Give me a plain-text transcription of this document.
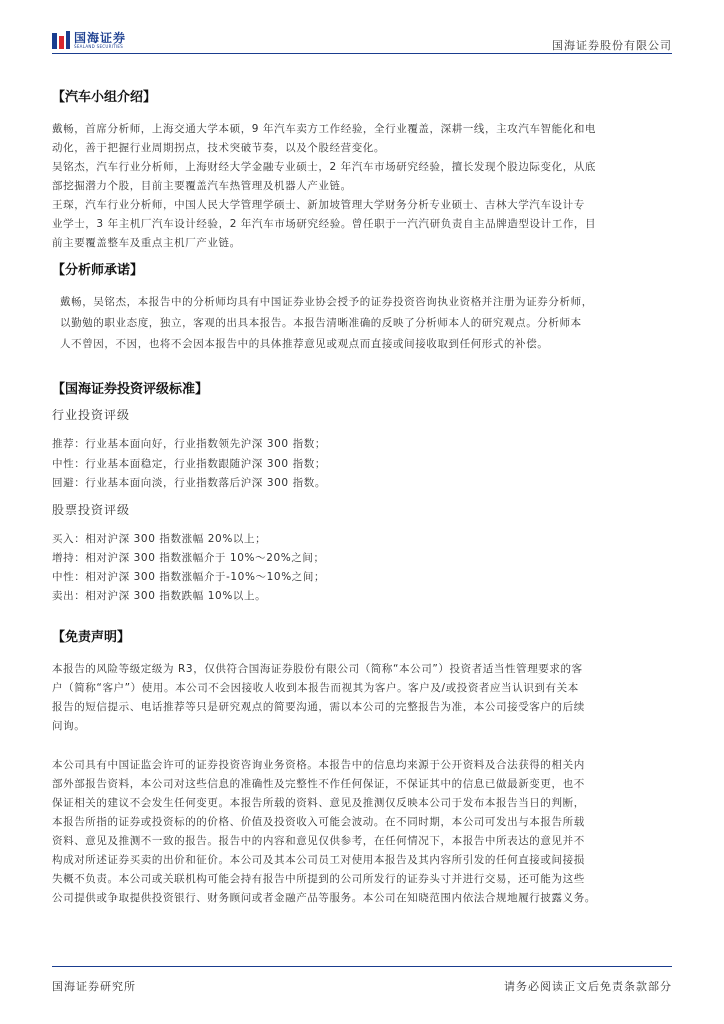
国海证券
SEALAND SECURITIES	国海证券股份有限公司
【汽车小组介绍】

戴畅，首席分析师，上海交通大学本硕，9 年汽车卖方工作经验，全行业覆盖，深耕一线，主攻汽车智能化和电

动化，善于把握行业周期拐点，技术突破节奏，以及个股经营变化。

吴铭杰，汽车行业分析师，上海财经大学金融专业硕士，2 年汽车市场研究经验，擅长发现个股边际变化，从底

部挖掘潜力个股，目前主要覆盖汽车热管理及机器人产业链。

王琛，汽车行业分析师，中国人民大学管理学硕士、新加坡管理大学财务分析专业硕士、吉林大学汽车设计专

业学士，3 年主机厂汽车设计经验，2 年汽车市场研究经验。曾任职于一汽汽研负责自主品牌造型设计工作，目

前主要覆盖整车及重点主机厂产业链。

【分析师承诺】

戴畅，吴铭杰，本报告中的分析师均具有中国证券业协会授予的证券投资咨询执业资格并注册为证券分析师，

以勤勉的职业态度，独立，客观的出具本报告。本报告清晰准确的反映了分析师本人的研究观点。分析师本

人不曾因，不因，也将不会因本报告中的具体推荐意见或观点而直接或间接收取到任何形式的补偿。

【国海证券投资评级标准】
行业投资评级
推荐：行业基本面向好，行业指数领先沪深 300 指数；
中性：行业基本面稳定，行业指数跟随沪深 300 指数；
回避：行业基本面向淡，行业指数落后沪深 300 指数。
股票投资评级
买入：相对沪深 300 指数涨幅 20%以上；
增持：相对沪深 300 指数涨幅介于 10%～20%之间；
中性：相对沪深 300 指数涨幅介于-10%～10%之间；
卖出：相对沪深 300 指数跌幅 10%以上。
【免责声明】

本报告的风险等级定级为 R3，仅供符合国海证券股份有限公司（简称“本公司”）投资者适当性管理要求的客

户（简称“客户”）使用。本公司不会因接收人收到本报告而视其为客户。客户及/或投资者应当认识到有关本

报告的短信提示、电话推荐等只是研究观点的简要沟通，需以本公司的完整报告为准，本公司接受客户的后续

问询。

本公司具有中国证监会许可的证券投资咨询业务资格。本报告中的信息均来源于公开资料及合法获得的相关内

部外部报告资料，本公司对这些信息的准确性及完整性不作任何保证，不保证其中的信息已做最新变更，也不

保证相关的建议不会发生任何变更。本报告所载的资料、意见及推测仅反映本公司于发布本报告当日的判断，

本报告所指的证券或投资标的的价格、价值及投资收入可能会波动。在不同时期，本公司可发出与本报告所载

资料、意见及推测不一致的报告。报告中的内容和意见仅供参考，在任何情况下，本报告中所表达的意见并不

构成对所述证券买卖的出价和征价。本公司及其本公司员工对使用本报告及其内容所引发的任何直接或间接损

失概不负责。本公司或关联机构可能会持有报告中所提到的公司所发行的证券头寸并进行交易，还可能为这些

公司提供或争取提供投资银行、财务顾问或者金融产品等服务。本公司在知晓范围内依法合规地履行披露义务。

国海证券研究所	请务必阅读正文后免责条款部分
